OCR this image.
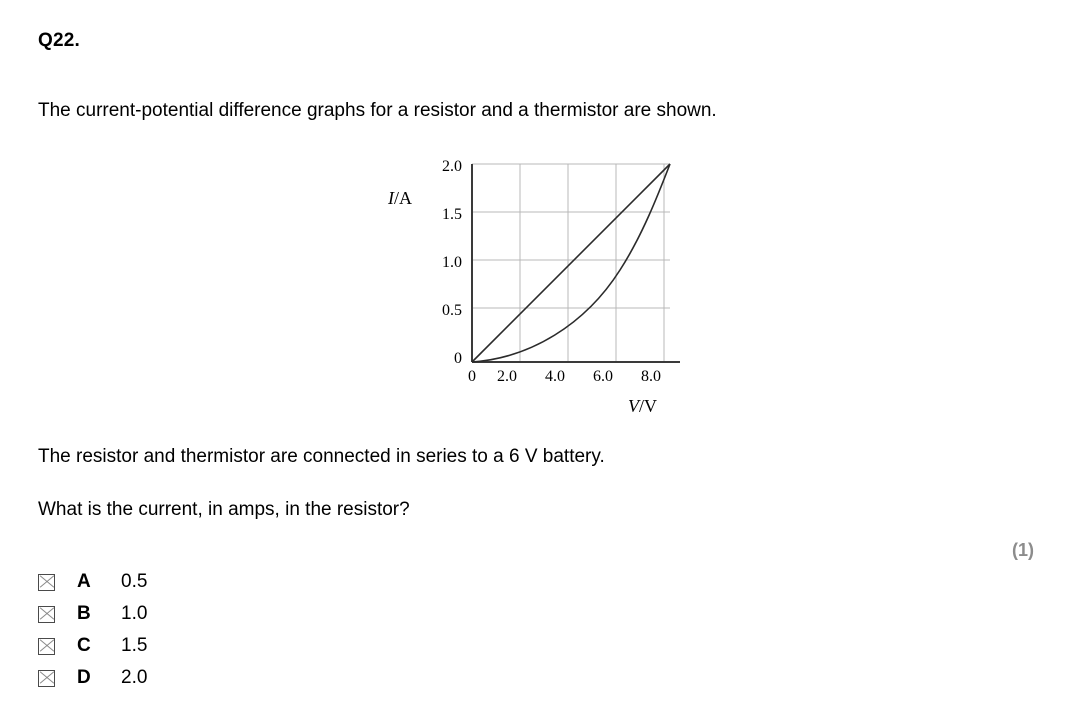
Q22.
The current-potential difference graphs for a resistor and a thermistor are shown.
I/A
V/V
2.0
1.5
1.0
0.5
0
0	2.0	4.0	6.0	8.0
The resistor and thermistor are connected in series to a 6 V battery.
What is the current, in amps, in the resistor?
(1)
A	0.5
B	1.0
C	1.5
D	2.0
